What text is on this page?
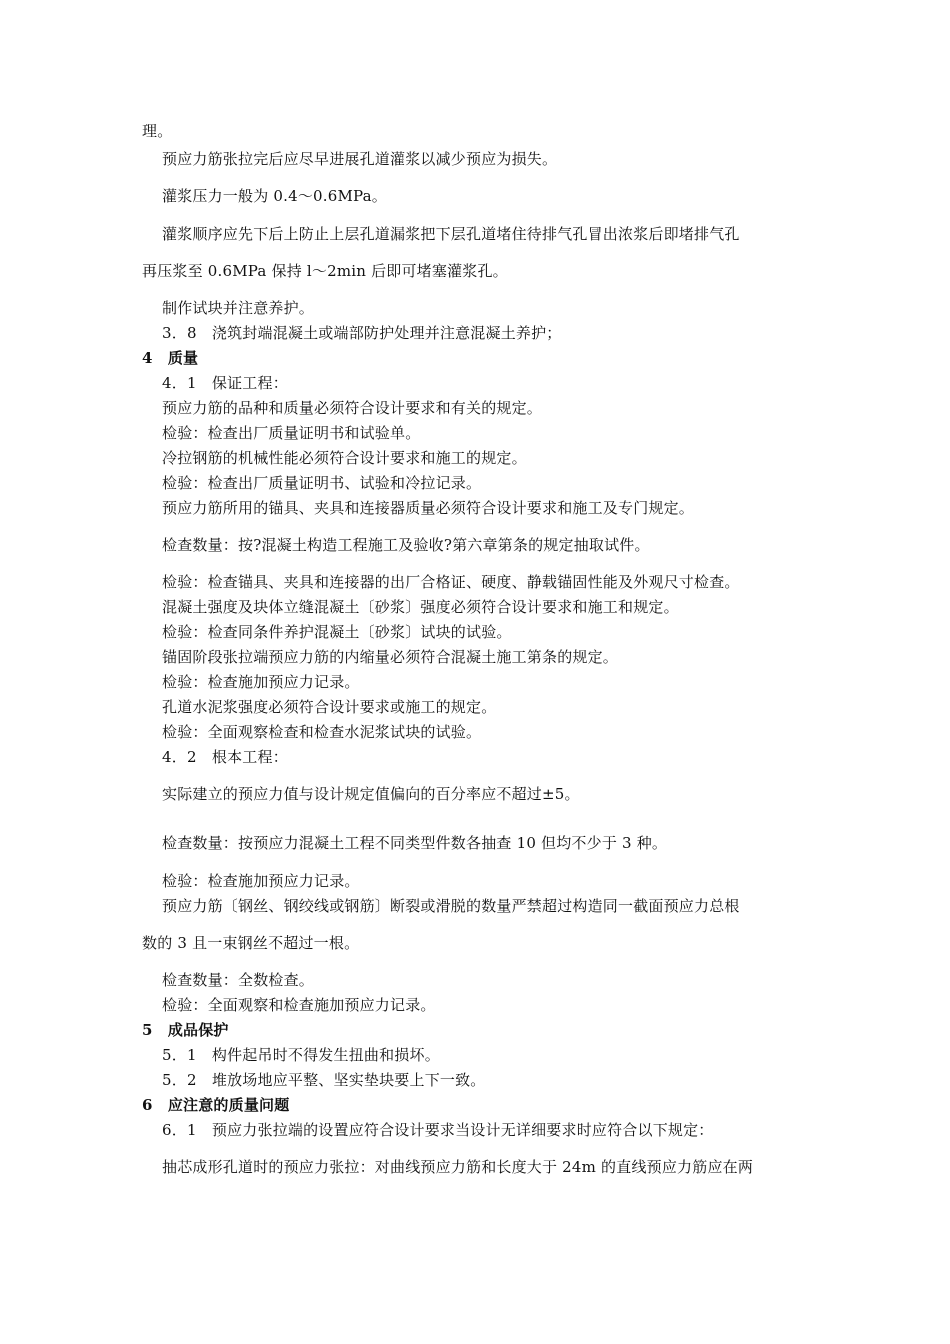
理。
预应力筋张拉完后应尽早进展孔道灌浆以减少预应为损失。
灌浆压力一般为 0.4～0.6MPa。
灌浆顺序应先下后上防止上层孔道漏浆把下层孔道堵住待排气孔冒出浓浆后即堵排气孔
再压浆至 0.6MPa 保持 l～2min 后即可堵塞灌浆孔。
制作试块并注意养护。
3．8　浇筑封端混凝土或端部防护处理并注意混凝土养护；
4　质量
4．1　保证工程：
预应力筋的品种和质量必须符合设计要求和有关的规定。
检验：检查出厂质量证明书和试验单。
冷拉钢筋的机械性能必须符合设计要求和施工的规定。
检验：检查出厂质量证明书、试验和冷拉记录。
预应力筋所用的锚具、夹具和连接器质量必须符合设计要求和施工及专门规定。
检查数量：按?混凝土构造工程施工及验收?第六章第条的规定抽取试件。
检验：检查锚具、夹具和连接器的出厂合格证、硬度、静载锚固性能及外观尺寸检查。
混凝土强度及块体立缝混凝土〔砂浆〕强度必须符合设计要求和施工和规定。
检验：检查同条件养护混凝土〔砂浆〕试块的试验。
锚固阶段张拉端预应力筋的内缩量必须符合混凝土施工第条的规定。
检验：检查施加预应力记录。
孔道水泥浆强度必须符合设计要求或施工的规定。
检验：全面观察检查和检查水泥浆试块的试验。
4．2　根本工程：
实际建立的预应力值与设计规定值偏向的百分率应不超过±5。
检查数量：按预应力混凝土工程不同类型件数各抽查 10 但均不少于 3 种。
检验：检查施加预应力记录。
预应力筋〔钢丝、钢绞线或钢筋〕断裂或滑脱的数量严禁超过构造同一截面预应力总根
数的 3 且一束钢丝不超过一根。
检查数量：全数检查。
检验：全面观察和检查施加预应力记录。
5　成品保护
5．1　构件起吊时不得发生扭曲和损坏。
5．2　堆放场地应平整、坚实垫块要上下一致。
6　应注意的质量问题
6．1　预应力张拉端的设置应符合设计要求当设计无详细要求时应符合以下规定：
抽芯成形孔道时的预应力张拉：对曲线预应力筋和长度大于 24m 的直线预应力筋应在两
